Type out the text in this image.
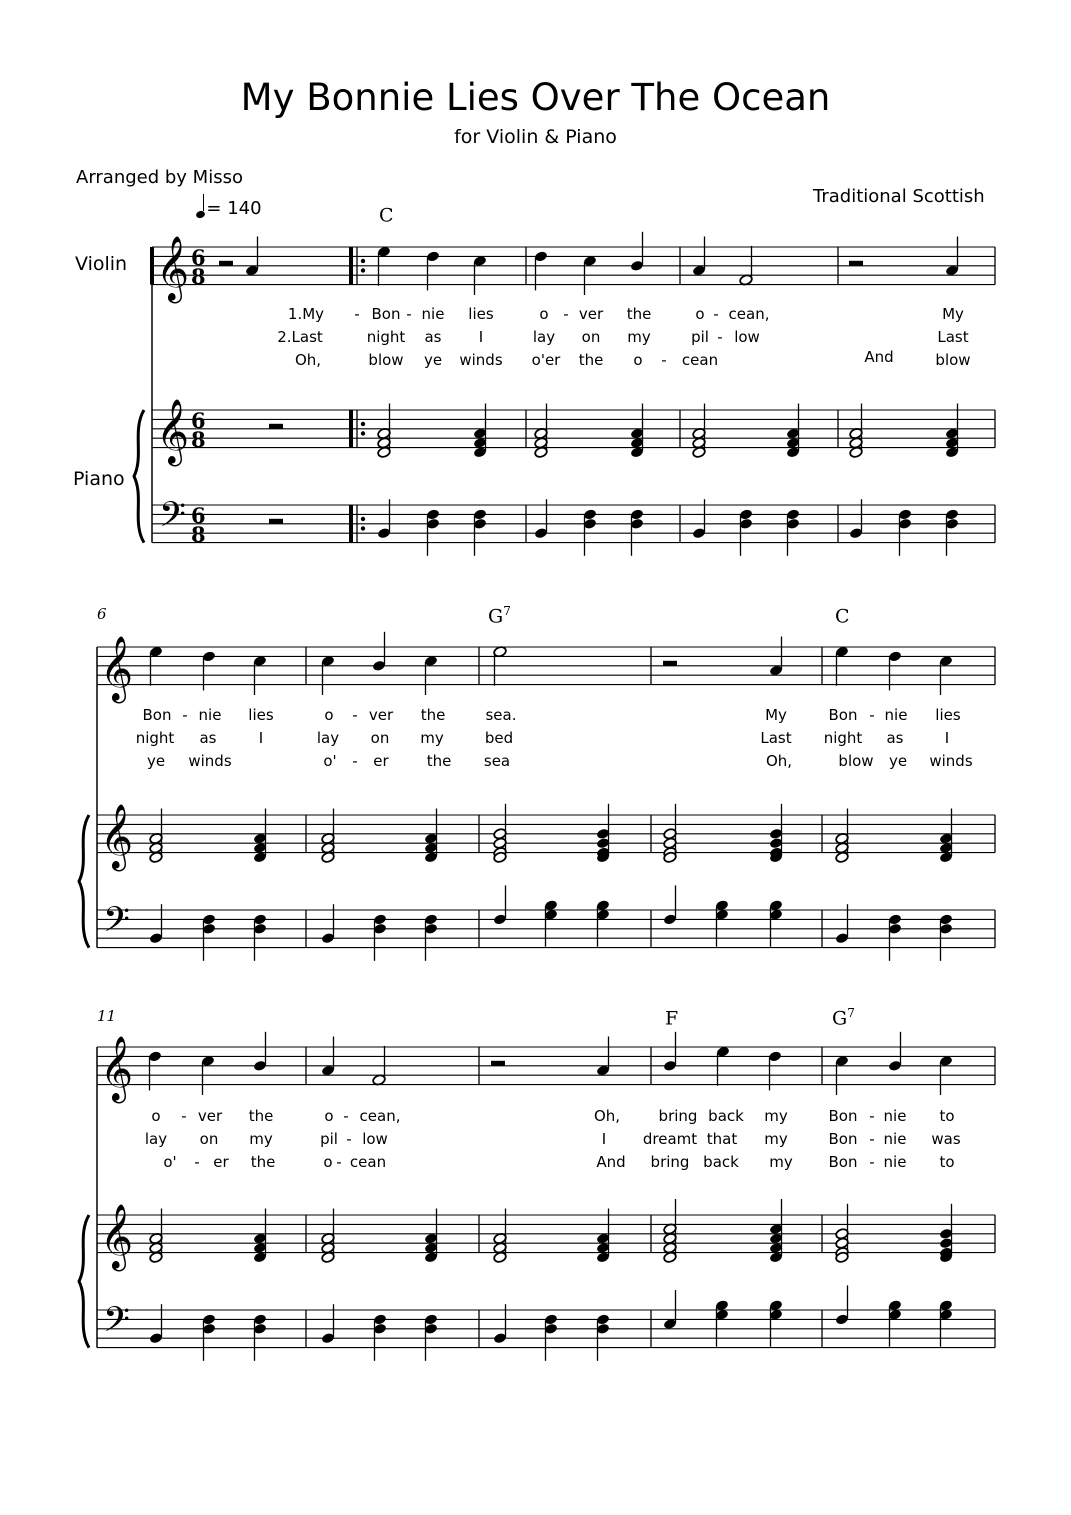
My Bonnie Lies Over The Ocean
for Violin & Piano
Arranged by Misso
Traditional Scottish
= 140
Violin
Piano
6
11
C
$G^7$	C
F	$G^7$
1.My - Bon - nie lies	o - ver the	o - cean,	My
2.Last	night as I	lay on my	pil - low	Last
Oh,	blow ye winds o'er the o - cean	And	blow
Bon - nie lies	o - ver the	sea.	My	Bon - nie lies
night as	I	lay on my	bed	Last night as	I
ye winds	o' - er	the sea	Oh,	blow ye winds
o - ver the	o - cean,	Oh,	bring back my	Bon - nie to
lay on my	pil - low	I dreamt that my	Bon - nie was
o' - er the	o - cean	And bring back my Bon - nie to
𝄞
𝄞
𝄢
6
8
6
8
6
8
𝄞
𝄞
𝄢
𝄞
𝄞
𝄢
